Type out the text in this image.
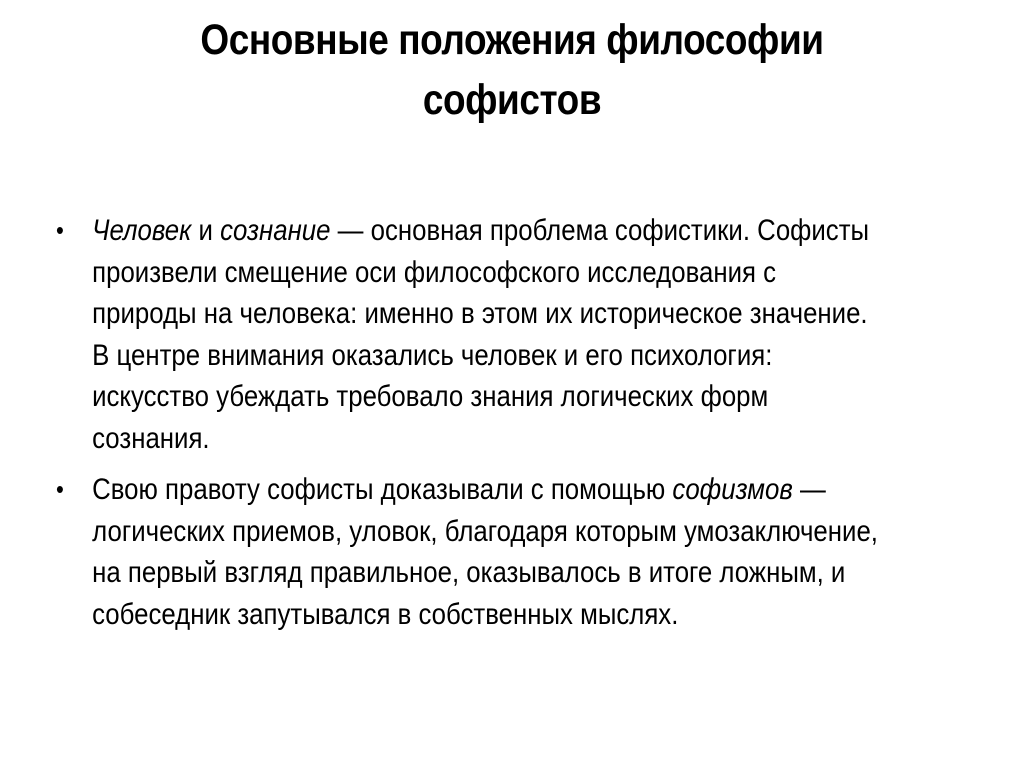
Основные положения философии
софистов
• Человек и сознание — основная проблема софистики. Софисты
произвели смещение оси философского исследования с
природы на человека: именно в этом их историческое значение.
В центре внимания оказались человек и его психология:
искусство убеждать требовало знания логических форм
сознания.
• Свою правоту софисты доказывали с помощью софизмов —
логических приемов, уловок, благодаря которым умозаключение,
на первый взгляд правильное, оказывалось в итоге ложным, и
собеседник запутывался в собственных мыслях.
